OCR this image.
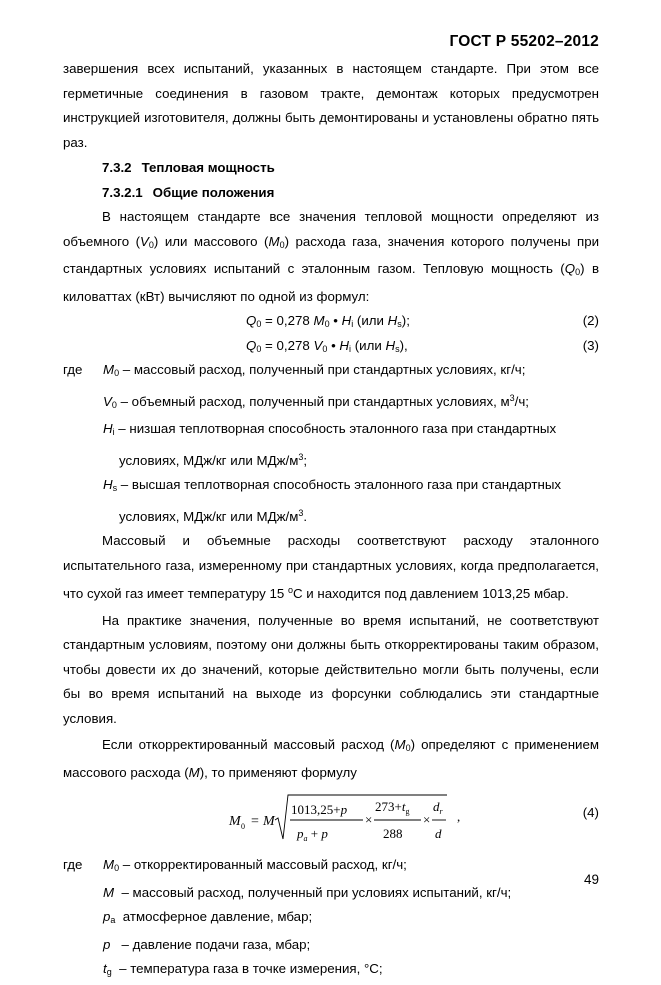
ГОСТ Р 55202–2012

завершения всех испытаний, указанных в настоящем стандарте. При этом все герметичные соединения в газовом тракте, демонтаж которых предусмотрен инструкцией изготовителя, должны быть демонтированы и установлены обратно пять раз.

7.3.2 Тепловая мощность
7.3.2.1 Общие положения

В настоящем стандарте все значения тепловой мощности определяют из объемного $(V_0)$ или массового $(M_0)$ расхода газа, значения которого получены при стандартных условиях испытаний с эталонным газом. Тепловую мощность $(Q_0)$ в киловаттах (кВт) вычисляют по одной из формул:

$Q_0 = 0,278$ $M_0$ • $H_i$ (или $H_s$);	(2)
$Q_0 = 0,278$ $V_0$ • $H_i$ (или $H_s$),	(3)
где	$M_0$ – массовый расход, полученный при стандартных условиях, кг/ч;
$V_0$ – объемный расход, полученный при стандартных условиях, $м^3/ч$;
$H_i$ – низшая теплотворная способность эталонного газа при стандартных
условиях, МДж/кг или МДж/$м^3$;
$H_s$ – высшая теплотворная способность эталонного газа при стандартных
условиях, МДж/кг или МДж/$м^3$.

Массовый и объемные расходы соответствуют расходу эталонного испытательного газа, измеренному при стандартных условиях, когда предполагается, что сухой газ имеет температуру 15 $^o$С и находится под давлением 1013,25 мбар.

На практике значения, полученные во время испытаний, не соответствуют стандартным условиям, поэтому они должны быть откорректированы таким образом, чтобы довести их до значений, которые действительно могли быть получены, если бы во время испытаний на выходе из форсунки соблюдались эти стандартные условия.

Если откорректированный массовый расход $(M_0)$ определяют с применением массового расхода (M), то применяют формулу

M 0 = M
1013,25+p
$p_a + p$
×
$273+t_g$
288
×
$d_r$
d
,	(4)
где	$M_0$ – откорректированный массовый расход, кг/ч;
M  – массовый расход, полученный при условиях испытаний, кг/ч;
$p_a$  атмосферное давление, мбар;
p   – давление подачи газа, мбар;
$t_g$  – температура газа в точке измерения, °С;
49
